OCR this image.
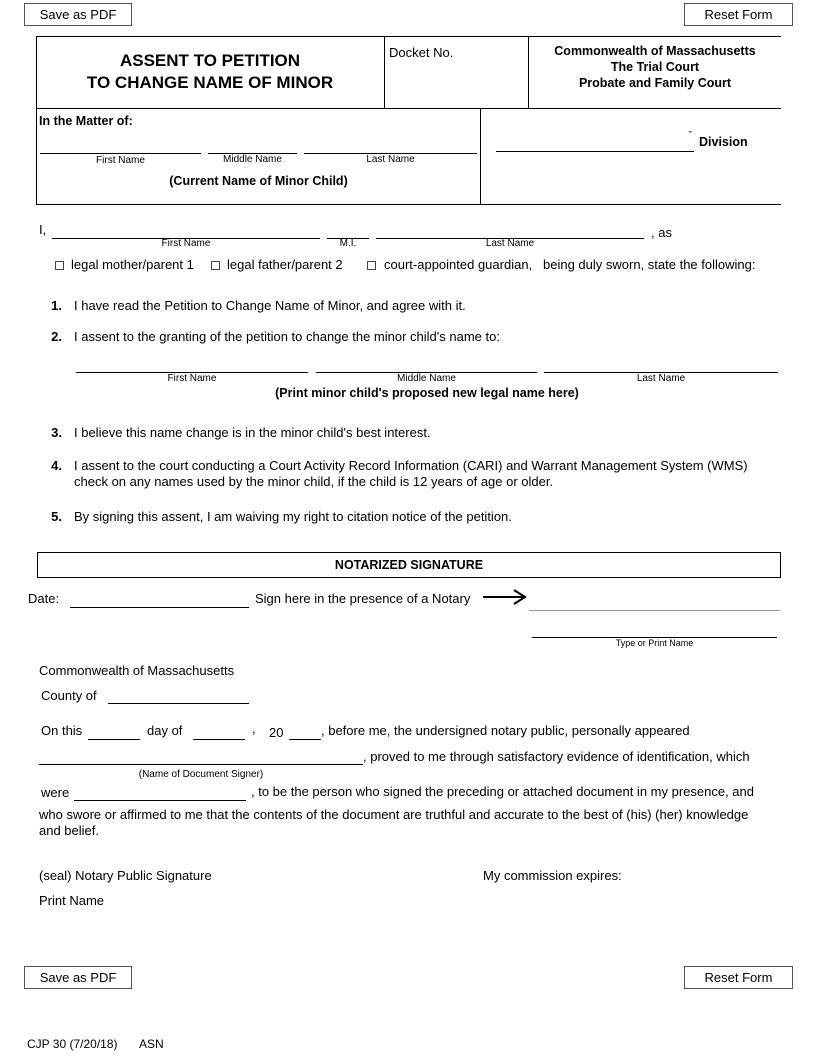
Save as PDF	Reset Form
ASSENT TO PETITION
TO CHANGE NAME OF MINOR
Docket No.	Commonwealth of Massachusetts
The Trial Court
Probate and Family Court
In the Matter of:
First Name	Middle Name	Last Name
(Current Name of Minor Child)
ˇ Division
I,	, as
First Name	M.I.	Last Name
legal mother/parent 1	legal father/parent 2	court-appointed guardian, being duly sworn, state the following:
1. I have read the Petition to Change Name of Minor, and agree with it.
2. I assent to the granting of the petition to change the minor child's name to:
First Name	Middle Name	Last Name
(Print minor child's proposed new legal name here)
3. I believe this name change is in the minor child's best interest.
4. I assent to the court conducting a Court Activity Record Information (CARI) and Warrant Management System (WMS)
check on any names used by the minor child, if the child is 12 years of age or older.
5. By signing this assent, I am waiving my right to citation notice of the petition.
NOTARIZED SIGNATURE
Date:	Sign here in the presence of a Notary
Type or Print Name
Commonwealth of Massachusetts
County of
On this	day of	, 20	, before me, the undersigned notary public, personally appeared
, proved to me through satisfactory evidence of identification, which
(Name of Document Signer)
were	, to be the person who signed the preceding or attached document in my presence, and
who swore or affirmed to me that the contents of the document are truthful and accurate to the best of (his) (her) knowledge
and belief.
(seal) Notary Public Signature	My commission expires:
Print Name
Save as PDF	Reset Form
CJP 30 (7/20/18) ASN
